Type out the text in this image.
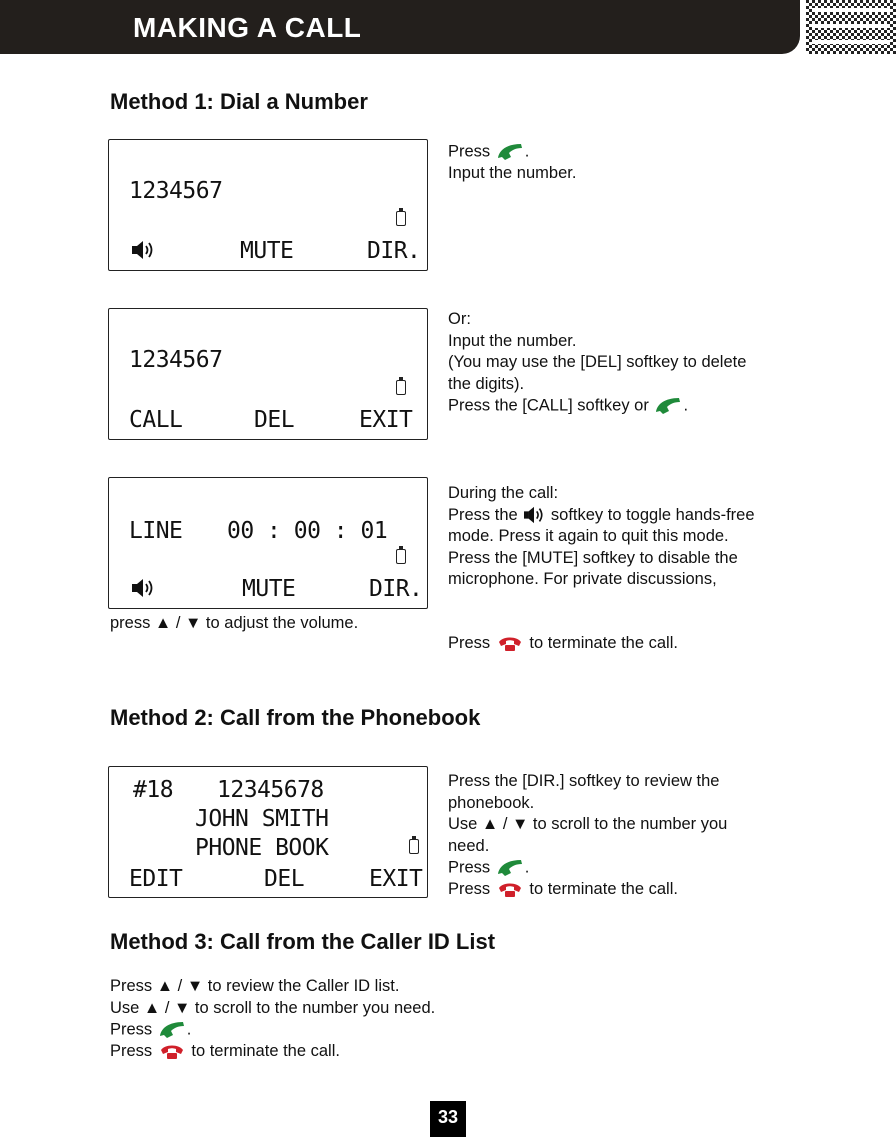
MAKING A CALL
Method 1: Dial a Number
1234567
MUTE	DIR.
Press .
Input the number.
1234567
CALL	DEL	EXIT
Or:
Input the number.
(You may use the [DEL] softkey to delete
the digits).
Press the [CALL] softkey or .
LINE 00 : 00 : 01
MUTE	DIR.
During the call:
Press the softkey to toggle hands-free
mode. Press it again to quit this mode.
Press the [MUTE] softkey to disable the
microphone. For private discussions,
press ▲ / ▼ to adjust the volume.
Press to terminate the call.
Method 2: Call from the Phonebook
#18 12345678
JOHN SMITH
PHONE BOOK
EDIT	DEL	EXIT
Press the [DIR.] softkey to review the
phonebook.
Use ▲ / ▼ to scroll to the number you
need.
Press .
Press to terminate the call.
Method 3: Call from the Caller ID List
Press ▲ / ▼ to review the Caller ID list.
Use ▲ / ▼ to scroll to the number you need.
Press .
Press to terminate the call.
33
